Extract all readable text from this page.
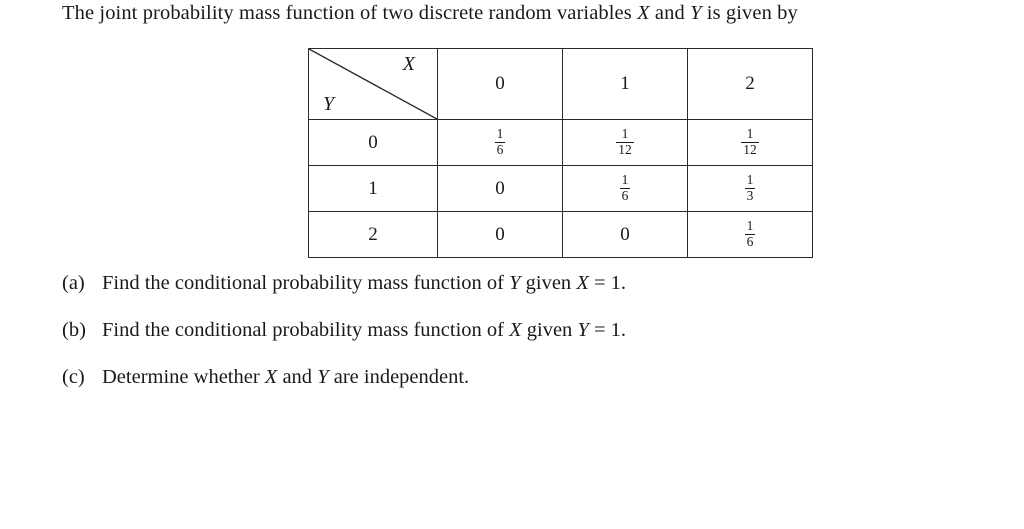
The joint probability mass function of two discrete random variables X and Y is given by
X
Y	0	1	2
0	$\frac{1}{6}$	$\frac{1}{12}$	$\frac{1}{12}$

1	0	$\frac{1}{6}$	$\frac{1}{3}$

2	0	0	$\frac{1}{6}$
(a) Find the conditional probability mass function of Y given X = 1.
(b) Find the conditional probability mass function of X given Y = 1.
(c) Determine whether X and Y are independent.
